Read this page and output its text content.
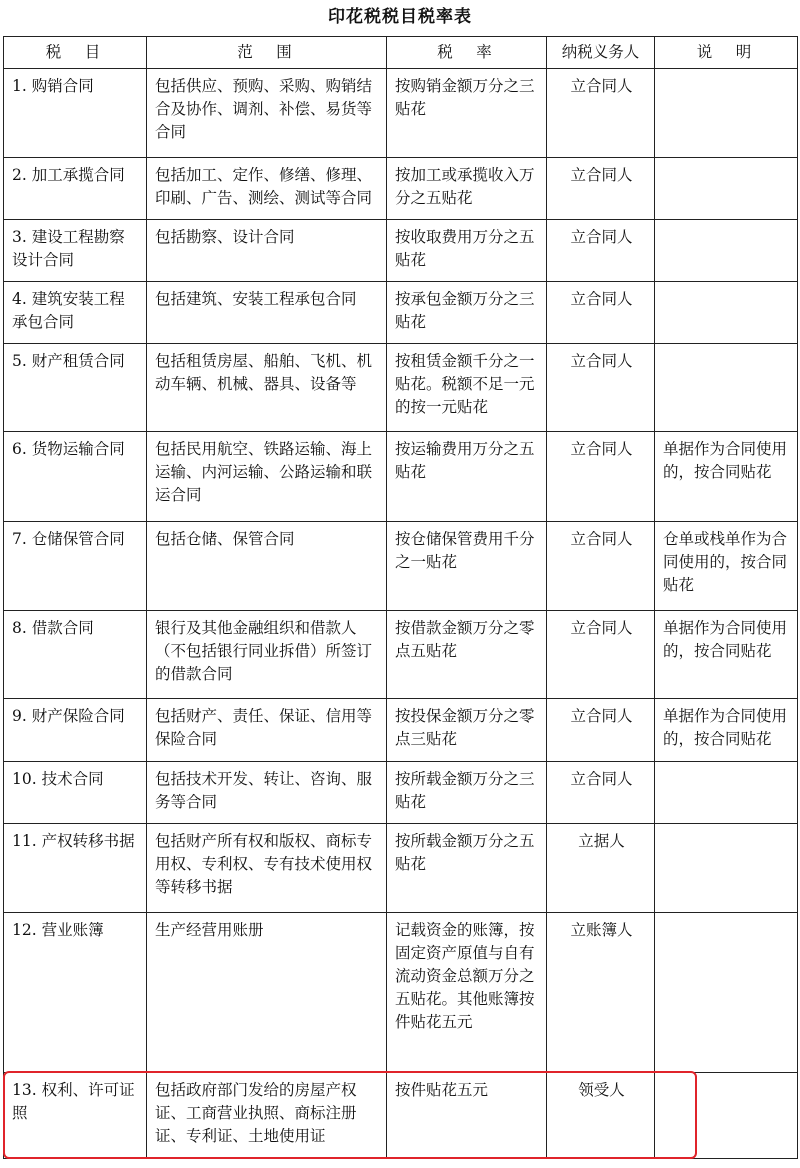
印花税税目税率表
税　目	范　围	税　率	纳税义务人	说　明
1. 购销合同	包括供应、预购、采购、购销结合及协作、调剂、补偿、易货等合同	按购销金额万分之三贴花	立合同人	
2. 加工承揽合同	包括加工、定作、修缮、修理、印刷、广告、测绘、测试等合同	按加工或承揽收入万分之五贴花	立合同人	
3. 建设工程勘察设计合同	包括勘察、设计合同	按收取费用万分之五贴花	立合同人	
4. 建筑安装工程承包合同	包括建筑、安装工程承包合同	按承包金额万分之三贴花	立合同人	
5. 财产租赁合同	包括租赁房屋、船舶、飞机、机动车辆、机械、器具、设备等	按租赁金额千分之一贴花。税额不足一元的按一元贴花	立合同人	
6. 货物运输合同	包括民用航空、铁路运输、海上运输、内河运输、公路运输和联运合同	按运输费用万分之五贴花	立合同人	单据作为合同使用的，按合同贴花
7. 仓储保管合同	包括仓储、保管合同	按仓储保管费用千分之一贴花	立合同人	仓单或栈单作为合同使用的，按合同贴花
8. 借款合同	银行及其他金融组织和借款人（不包括银行同业拆借）所签订的借款合同	按借款金额万分之零点五贴花	立合同人	单据作为合同使用的，按合同贴花
9. 财产保险合同	包括财产、责任、保证、信用等保险合同	按投保金额万分之零点三贴花	立合同人	单据作为合同使用的，按合同贴花
10. 技术合同	包括技术开发、转让、咨询、服务等合同	按所载金额万分之三贴花	立合同人	
11. 产权转移书据	包括财产所有权和版权、商标专用权、专利权、专有技术使用权等转移书据	按所载金额万分之五贴花	立据人	
12. 营业账簿	生产经营用账册	记载资金的账簿，按固定资产原值与自有流动资金总额万分之五贴花。其他账簿按件贴花五元	立账簿人	
13. 权利、许可证照	包括政府部门发给的房屋产权证、工商营业执照、商标注册证、专利证、土地使用证	按件贴花五元	领受人	
